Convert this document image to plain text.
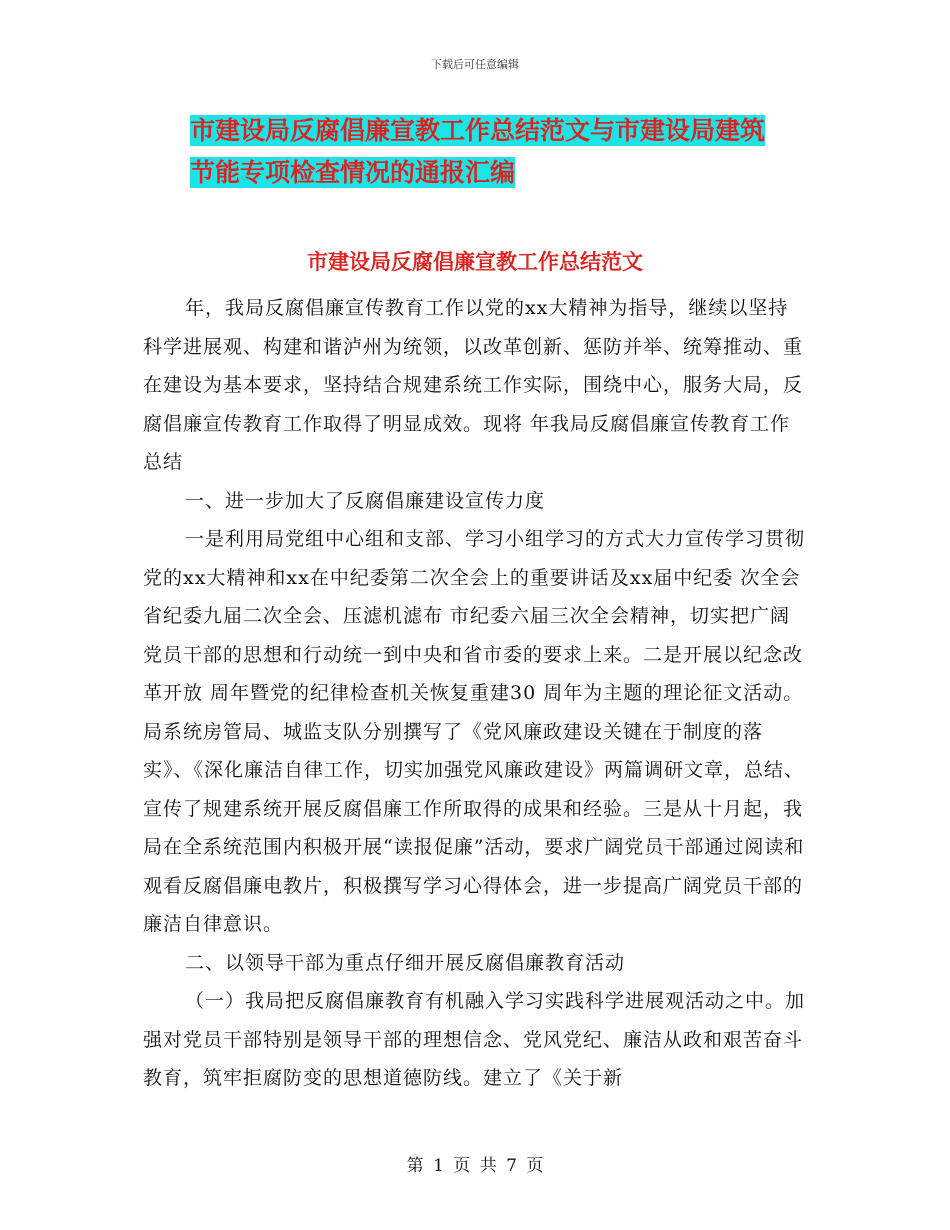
下载后可任意编辑
市建设局反腐倡廉宣教工作总结范文与市建设局建筑
节能专项检查情况的通报汇编
市建设局反腐倡廉宣教工作总结范文

年，我局反腐倡廉宣传教育工作以党的xx大精神为指导，继续以坚持科学进展观、构建和谐泸州为统领，以改革创新、惩防并举、统筹推动、重在建设为基本要求，坚持结合规建系统工作实际，围绕中心，服务大局，反腐倡廉宣传教育工作取得了明显成效。现将 年我局反腐倡廉宣传教育工作总结

一、进一步加大了反腐倡廉建设宣传力度

一是利用局党组中心组和支部、学习小组学习的方式大力宣传学习贯彻党的xx大精神和xx在中纪委第二次全会上的重要讲话及xx届中纪委 次全会省纪委九届二次全会、压滤机滤布 市纪委六届三次全会精神，切实把广阔党员干部的思想和行动统一到中央和省市委的要求上来。二是开展以纪念改革开放 周年暨党的纪律检查机关恢复重建30 周年为主题的理论征文活动。局系统房管局、城监支队分别撰写了《党风廉政建设关键在于制度的落实》、《深化廉洁自律工作，切实加强党风廉政建设》两篇调研文章，总结、宣传了规建系统开展反腐倡廉工作所取得的成果和经验。三是从十月起，我局在全系统范围内积极开展“读报促廉”活动，要求广阔党员干部通过阅读和观看反腐倡廉电教片，积极撰写学习心得体会，进一步提高广阔党员干部的廉洁自律意识。

二、以领导干部为重点仔细开展反腐倡廉教育活动

（一）我局把反腐倡廉教育有机融入学习实践科学进展观活动之中。加强对党员干部特别是领导干部的理想信念、党风党纪、廉洁从政和艰苦奋斗教育，筑牢拒腐防变的思想道德防线。建立了《关于新

第 1 页 共 7 页
